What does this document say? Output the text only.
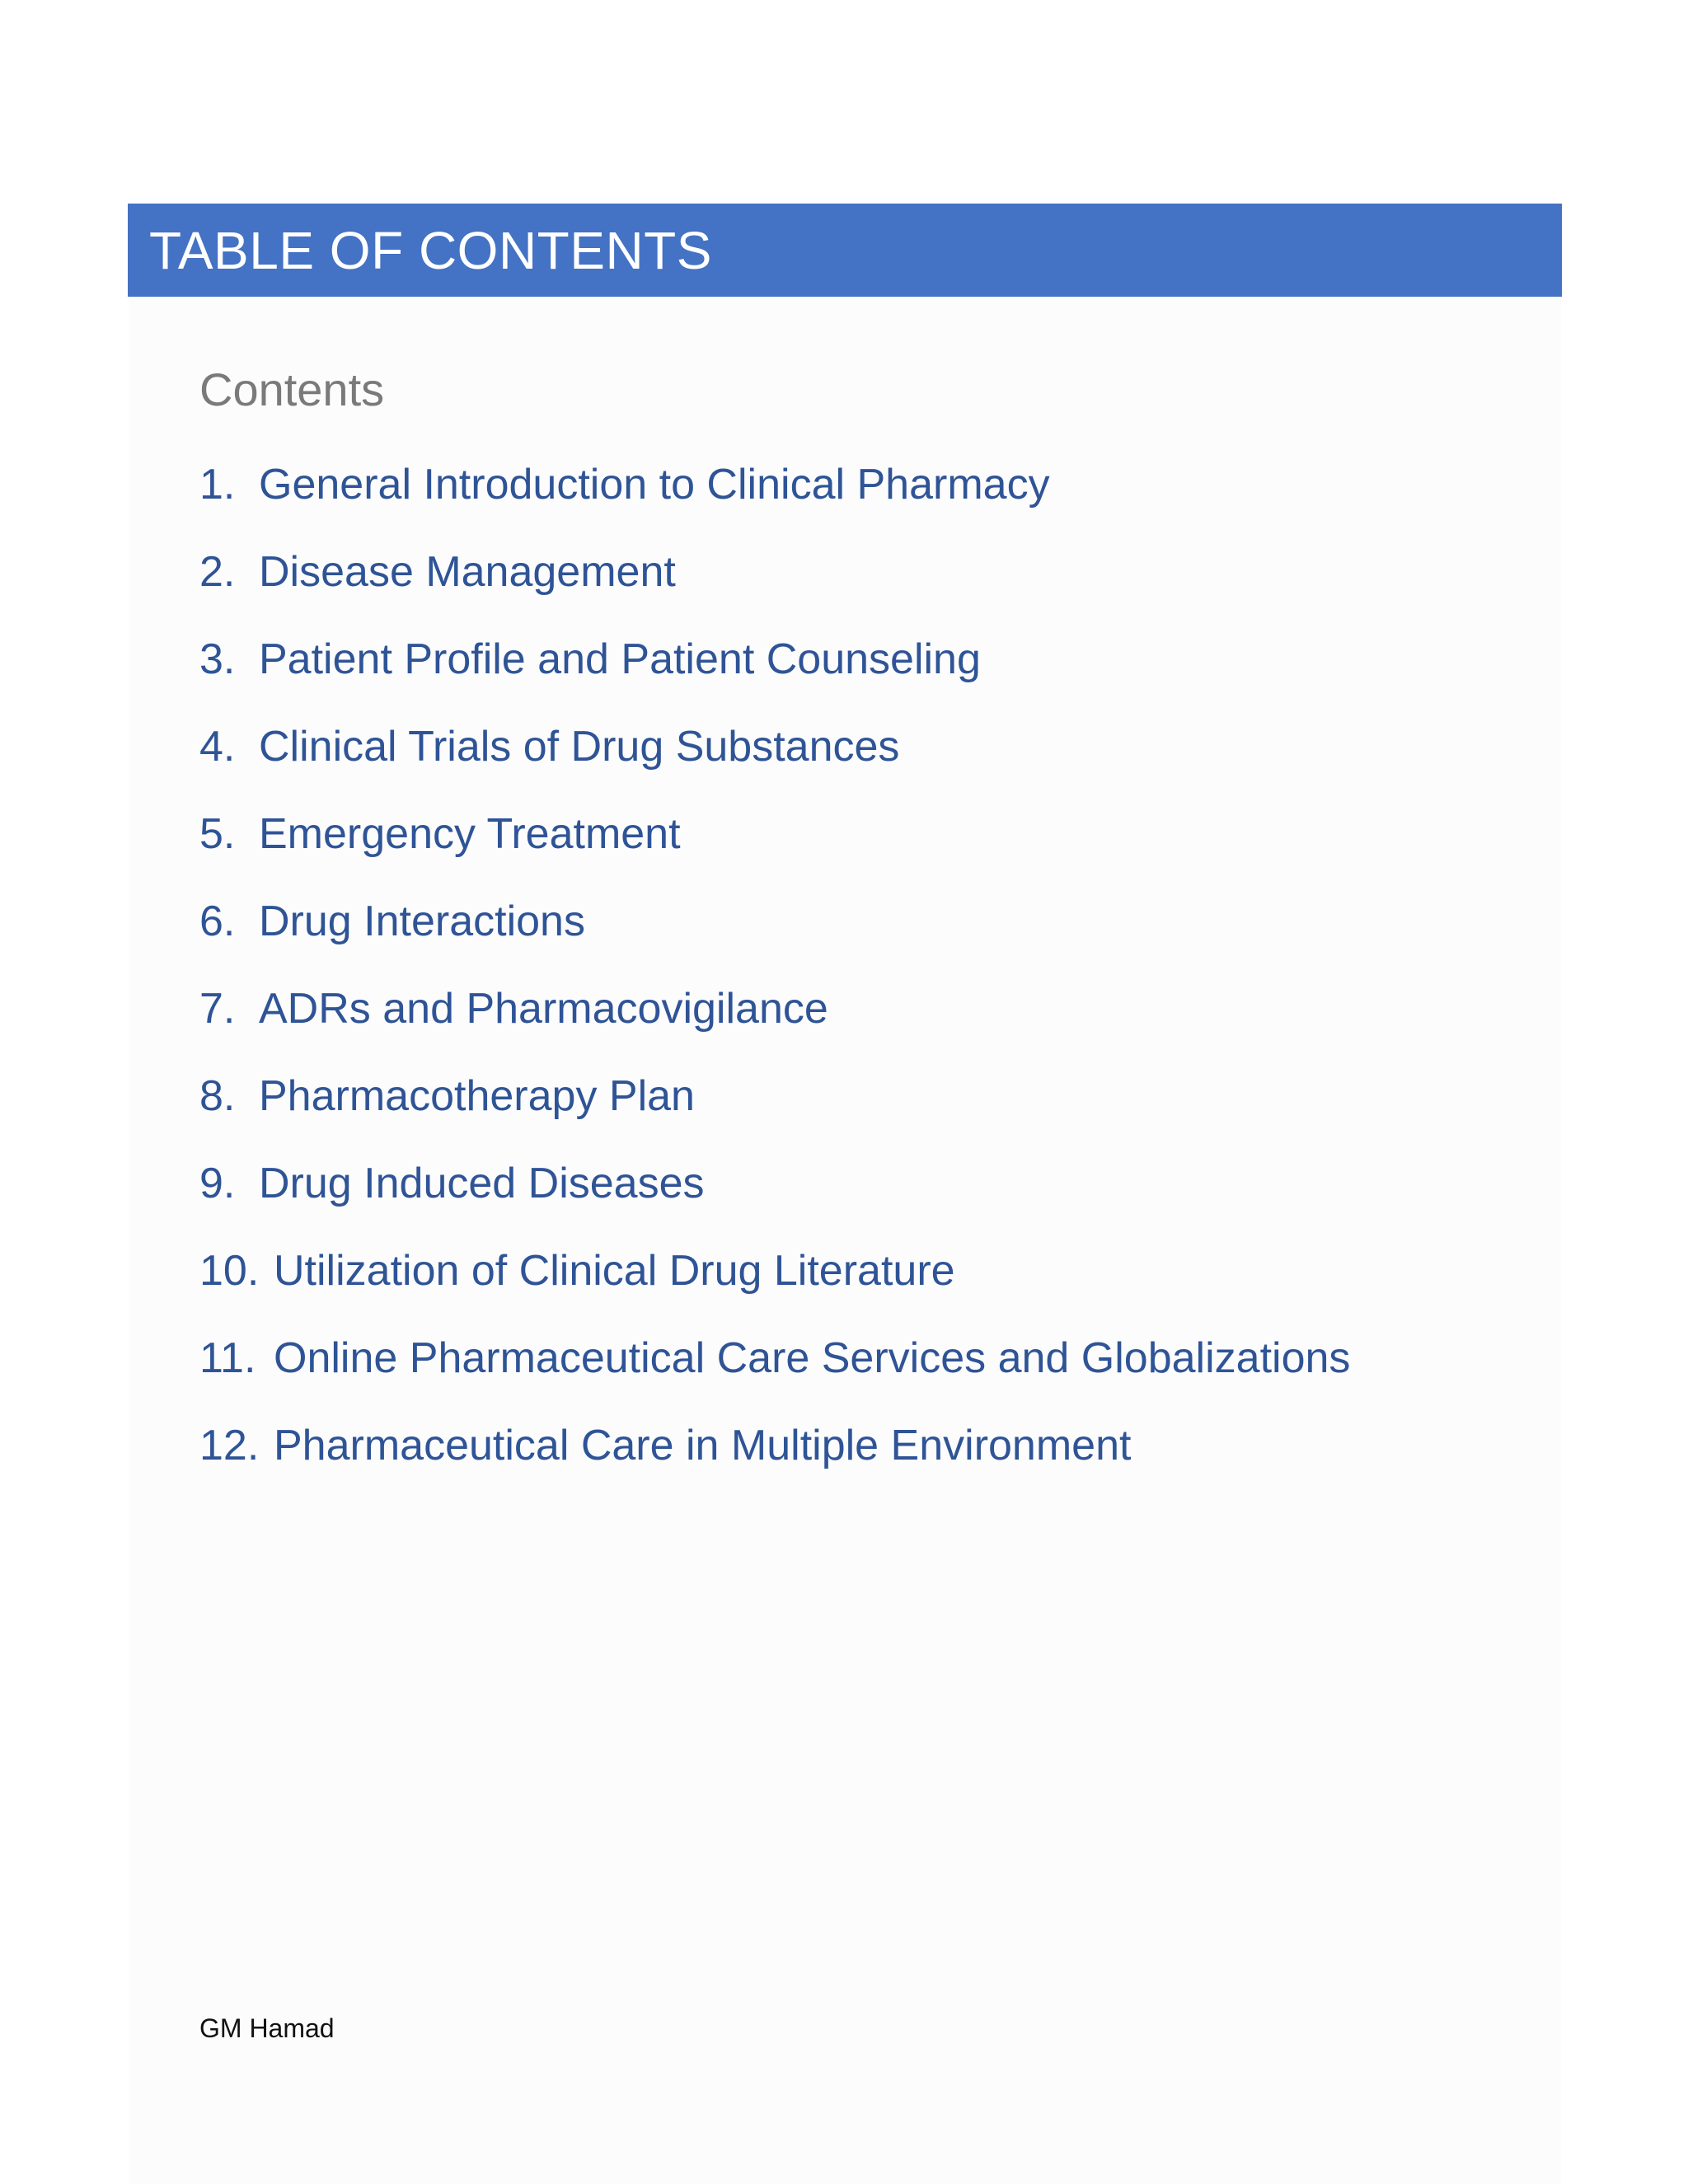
TABLE OF CONTENTS
Contents
1. General Introduction to Clinical Pharmacy
2. Disease Management
3. Patient Profile and Patient Counseling
4. Clinical Trials of Drug Substances
5. Emergency Treatment
6. Drug Interactions
7. ADRs and Pharmacovigilance
8. Pharmacotherapy Plan
9. Drug Induced Diseases
10. Utilization of Clinical Drug Literature
11. Online Pharmaceutical Care Services and Globalizations
12. Pharmaceutical Care in Multiple Environment
GM Hamad
